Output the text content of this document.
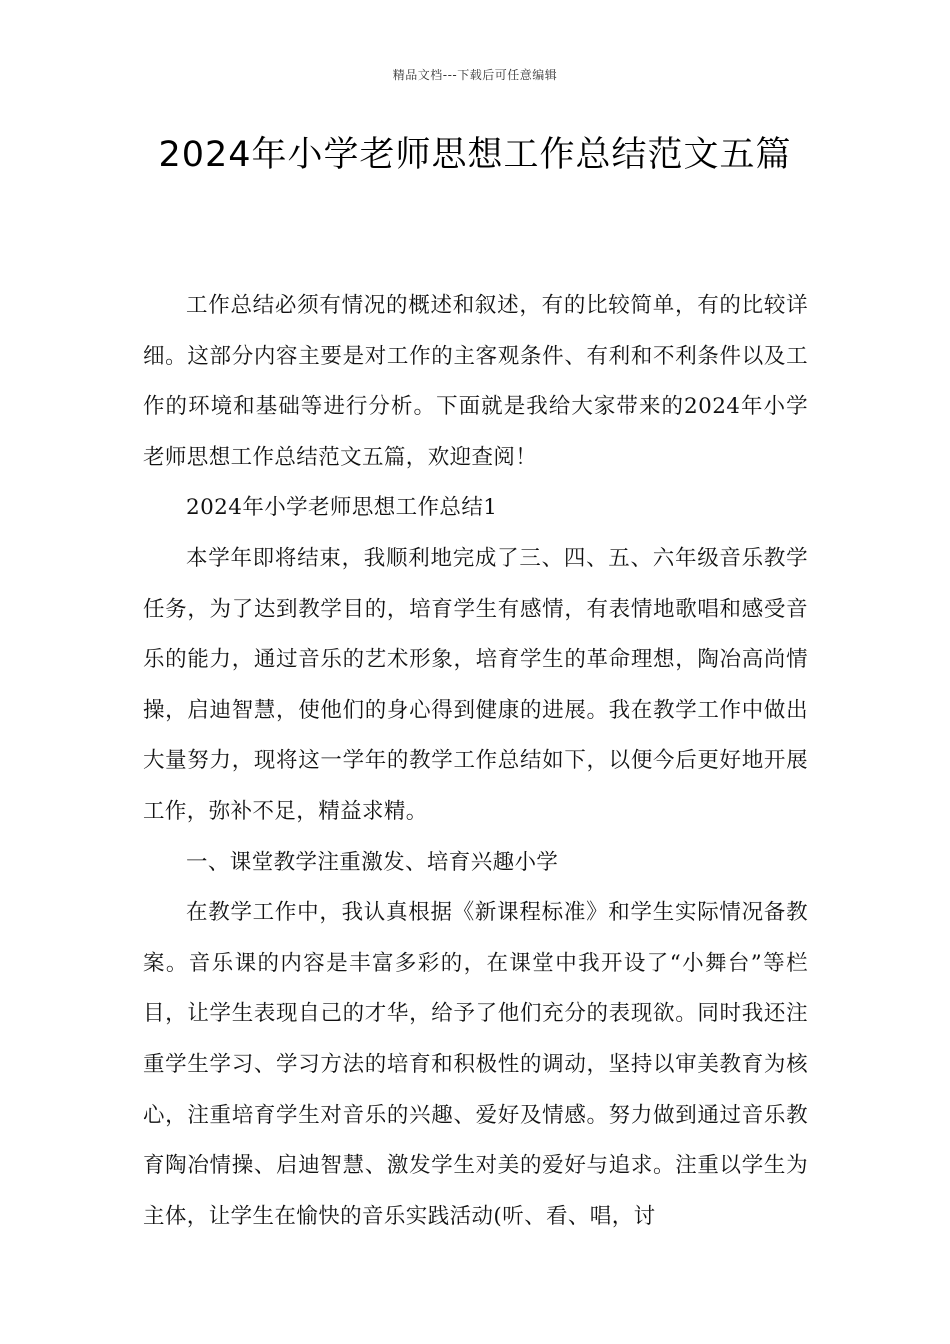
精品文档---下载后可任意编辑
2024年小学老师思想工作总结范文五篇

工作总结必须有情况的概述和叙述，有的比较简单，有的比较详细。这部分内容主要是对工作的主客观条件、有利和不利条件以及工作的环境和基础等进行分析。下面就是我给大家带来的2024年小学老师思想工作总结范文五篇，欢迎查阅！

2024年小学老师思想工作总结1

本学年即将结束，我顺利地完成了三、四、五、六年级音乐教学任务，为了达到教学目的，培育学生有感情，有表情地歌唱和感受音乐的能力，通过音乐的艺术形象，培育学生的革命理想，陶冶高尚情操，启迪智慧，使他们的身心得到健康的进展。我在教学工作中做出大量努力，现将这一学年的教学工作总结如下，以便今后更好地开展工作，弥补不足，精益求精。

一、课堂教学注重激发、培育兴趣小学

在教学工作中，我认真根据《新课程标准》和学生实际情况备教案。音乐课的内容是丰富多彩的，在课堂中我开设了“小舞台”等栏目，让学生表现自己的才华，给予了他们充分的表现欲。同时我还注重学生学习、学习方法的培育和积极性的调动，坚持以审美教育为核心，注重培育学生对音乐的兴趣、爱好及情感。努力做到通过音乐教育陶冶情操、启迪智慧、激发学生对美的爱好与追求。注重以学生为主体，让学生在愉快的音乐实践活动(听、看、唱，讨
